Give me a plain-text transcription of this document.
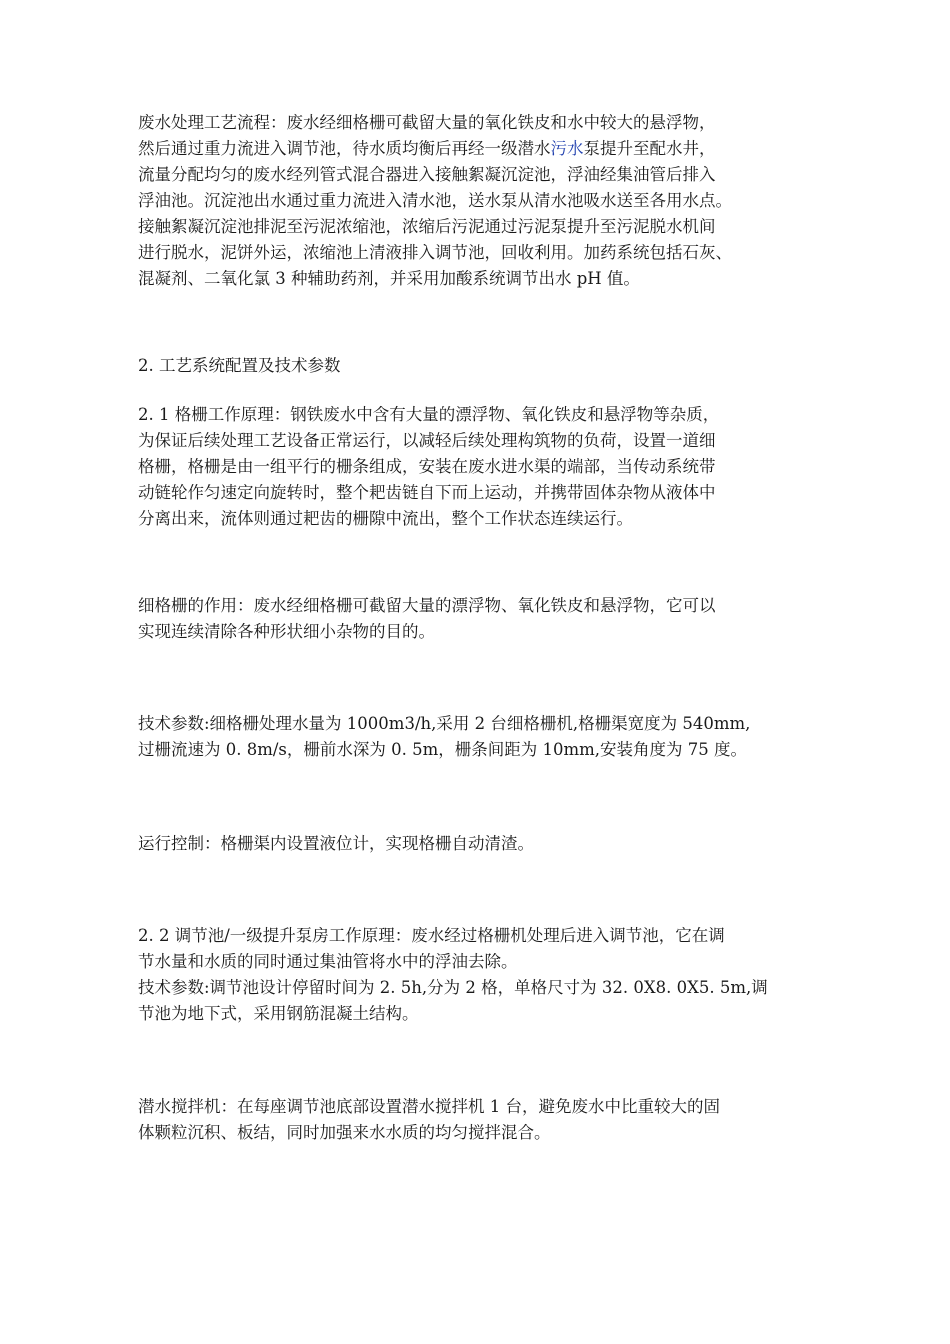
废水处理工艺流程：废水经细格栅可截留大量的氧化铁皮和水中较大的悬浮物，
然后通过重力流进入调节池，待水质均衡后再经一级潜水污水泵提升至配水井，
流量分配均匀的废水经列管式混合器进入接触絮凝沉淀池，浮油经集油管后排入
浮油池。沉淀池出水通过重力流进入清水池，送水泵从清水池吸水送至各用水点。
接触絮凝沉淀池排泥至污泥浓缩池，浓缩后污泥通过污泥泵提升至污泥脱水机间
进行脱水，泥饼外运，浓缩池上清液排入调节池，回收利用。加药系统包括石灰、
混凝剂、二氧化氯 3 种辅助药剂，并采用加酸系统调节出水 pH 值。
2. 工艺系统配置及技术参数
2. 1 格栅工作原理：钢铁废水中含有大量的漂浮物、氧化铁皮和悬浮物等杂质，
为保证后续处理工艺设备正常运行，以减轻后续处理构筑物的负荷，设置一道细
格栅，格栅是由一组平行的栅条组成，安装在废水进水渠的端部，当传动系统带
动链轮作匀速定向旋转时，整个耙齿链自下而上运动，并携带固体杂物从液体中
分离出来，流体则通过耙齿的栅隙中流出，整个工作状态连续运行。
细格栅的作用：废水经细格栅可截留大量的漂浮物、氧化铁皮和悬浮物，它可以
实现连续清除各种形状细小杂物的目的。
技术参数:细格栅处理水量为 1000m3/h,采用 2 台细格栅机,格栅渠宽度为 540mm,
过栅流速为 0. 8m/s，栅前水深为 0. 5m，栅条间距为 10mm,安装角度为 75 度。
运行控制：格栅渠内设置液位计，实现格栅自动清渣。
2. 2 调节池/一级提升泵房工作原理：废水经过格栅机处理后进入调节池，它在调
节水量和水质的同时通过集油管将水中的浮油去除。
技术参数:调节池设计停留时间为 2. 5h,分为 2 格，单格尺寸为 32. 0X8. 0X5. 5m,调
节池为地下式，采用钢筋混凝土结构。
潜水搅拌机：在每座调节池底部设置潜水搅拌机 1 台，避免废水中比重较大的固
体颗粒沉积、板结，同时加强来水水质的均匀搅拌混合。
